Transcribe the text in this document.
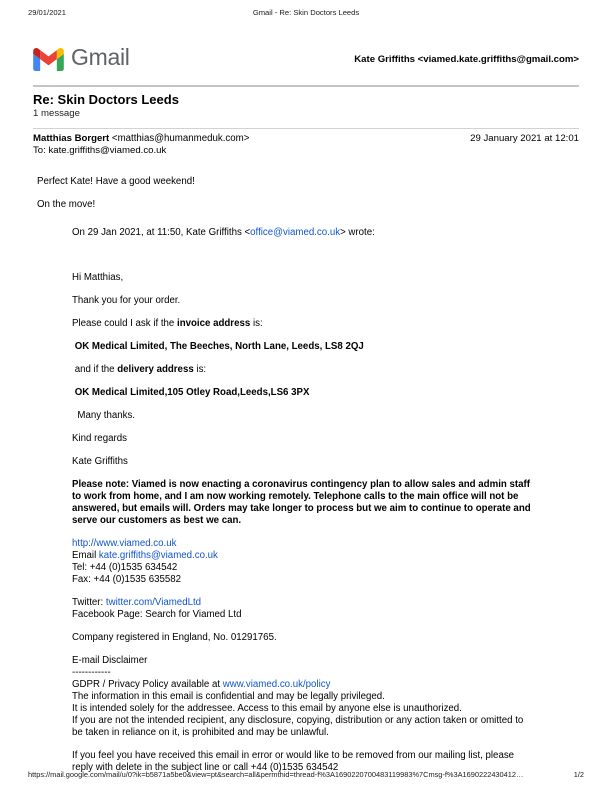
29/01/2021	Gmail - Re: Skin Doctors Leeds
Gmail	Kate Griffiths <viamed.kate.griffiths@gmail.com>
Re: Skin Doctors Leeds
1 message
Matthias Borgert <matthias@humanmeduk.com>	29 January 2021 at 12:01
To: kate.griffiths@viamed.co.uk
Perfect Kate! Have a good weekend!
On the move!
On 29 Jan 2021, at 11:50, Kate Griffiths <office@viamed.co.uk> wrote:
Hi Matthias,
Thank you for your order.
Please could I ask if the invoice address is:
OK Medical Limited, The Beeches, North Lane, Leeds, LS8 2QJ
and if the delivery address is:
OK Medical Limited,105 Otley Road,Leeds,LS6 3PX
Many thanks.
Kind regards
Kate Griffiths
Please note: Viamed is now enacting a coronavirus contingency plan to allow sales and admin staff
to work from home, and I am now working remotely. Telephone calls to the main office will not be
answered, but emails will. Orders may take longer to process but we aim to continue to operate and
serve our customers as best we can.
http://www.viamed.co.uk
Email kate.griffiths@viamed.co.uk
Tel: +44 (0)1535 634542
Fax: +44 (0)1535 635582
Twitter: twitter.com/ViamedLtd
Facebook Page: Search for Viamed Ltd
Company registered in England, No. 01291765.
E-mail Disclaimer
------------
GDPR / Privacy Policy available at www.viamed.co.uk/policy
The information in this email is confidential and may be legally privileged.
It is intended solely for the addressee. Access to this email by anyone else is unauthorized.
If you are not the intended recipient, any disclosure, copying, distribution or any action taken or omitted to
be taken in reliance on it, is prohibited and may be unlawful.
If you feel you have received this email in error or would like to be removed from our mailing list, please
reply with delete in the subject line or call +44 (0)1535 634542
https://mail.google.com/mail/u/0?ik=b5871a5be0&view=pt&search=all&permthid=thread-f%3A1690220700483119983%7Cmsg-f%3A1690222430412…	1/2
